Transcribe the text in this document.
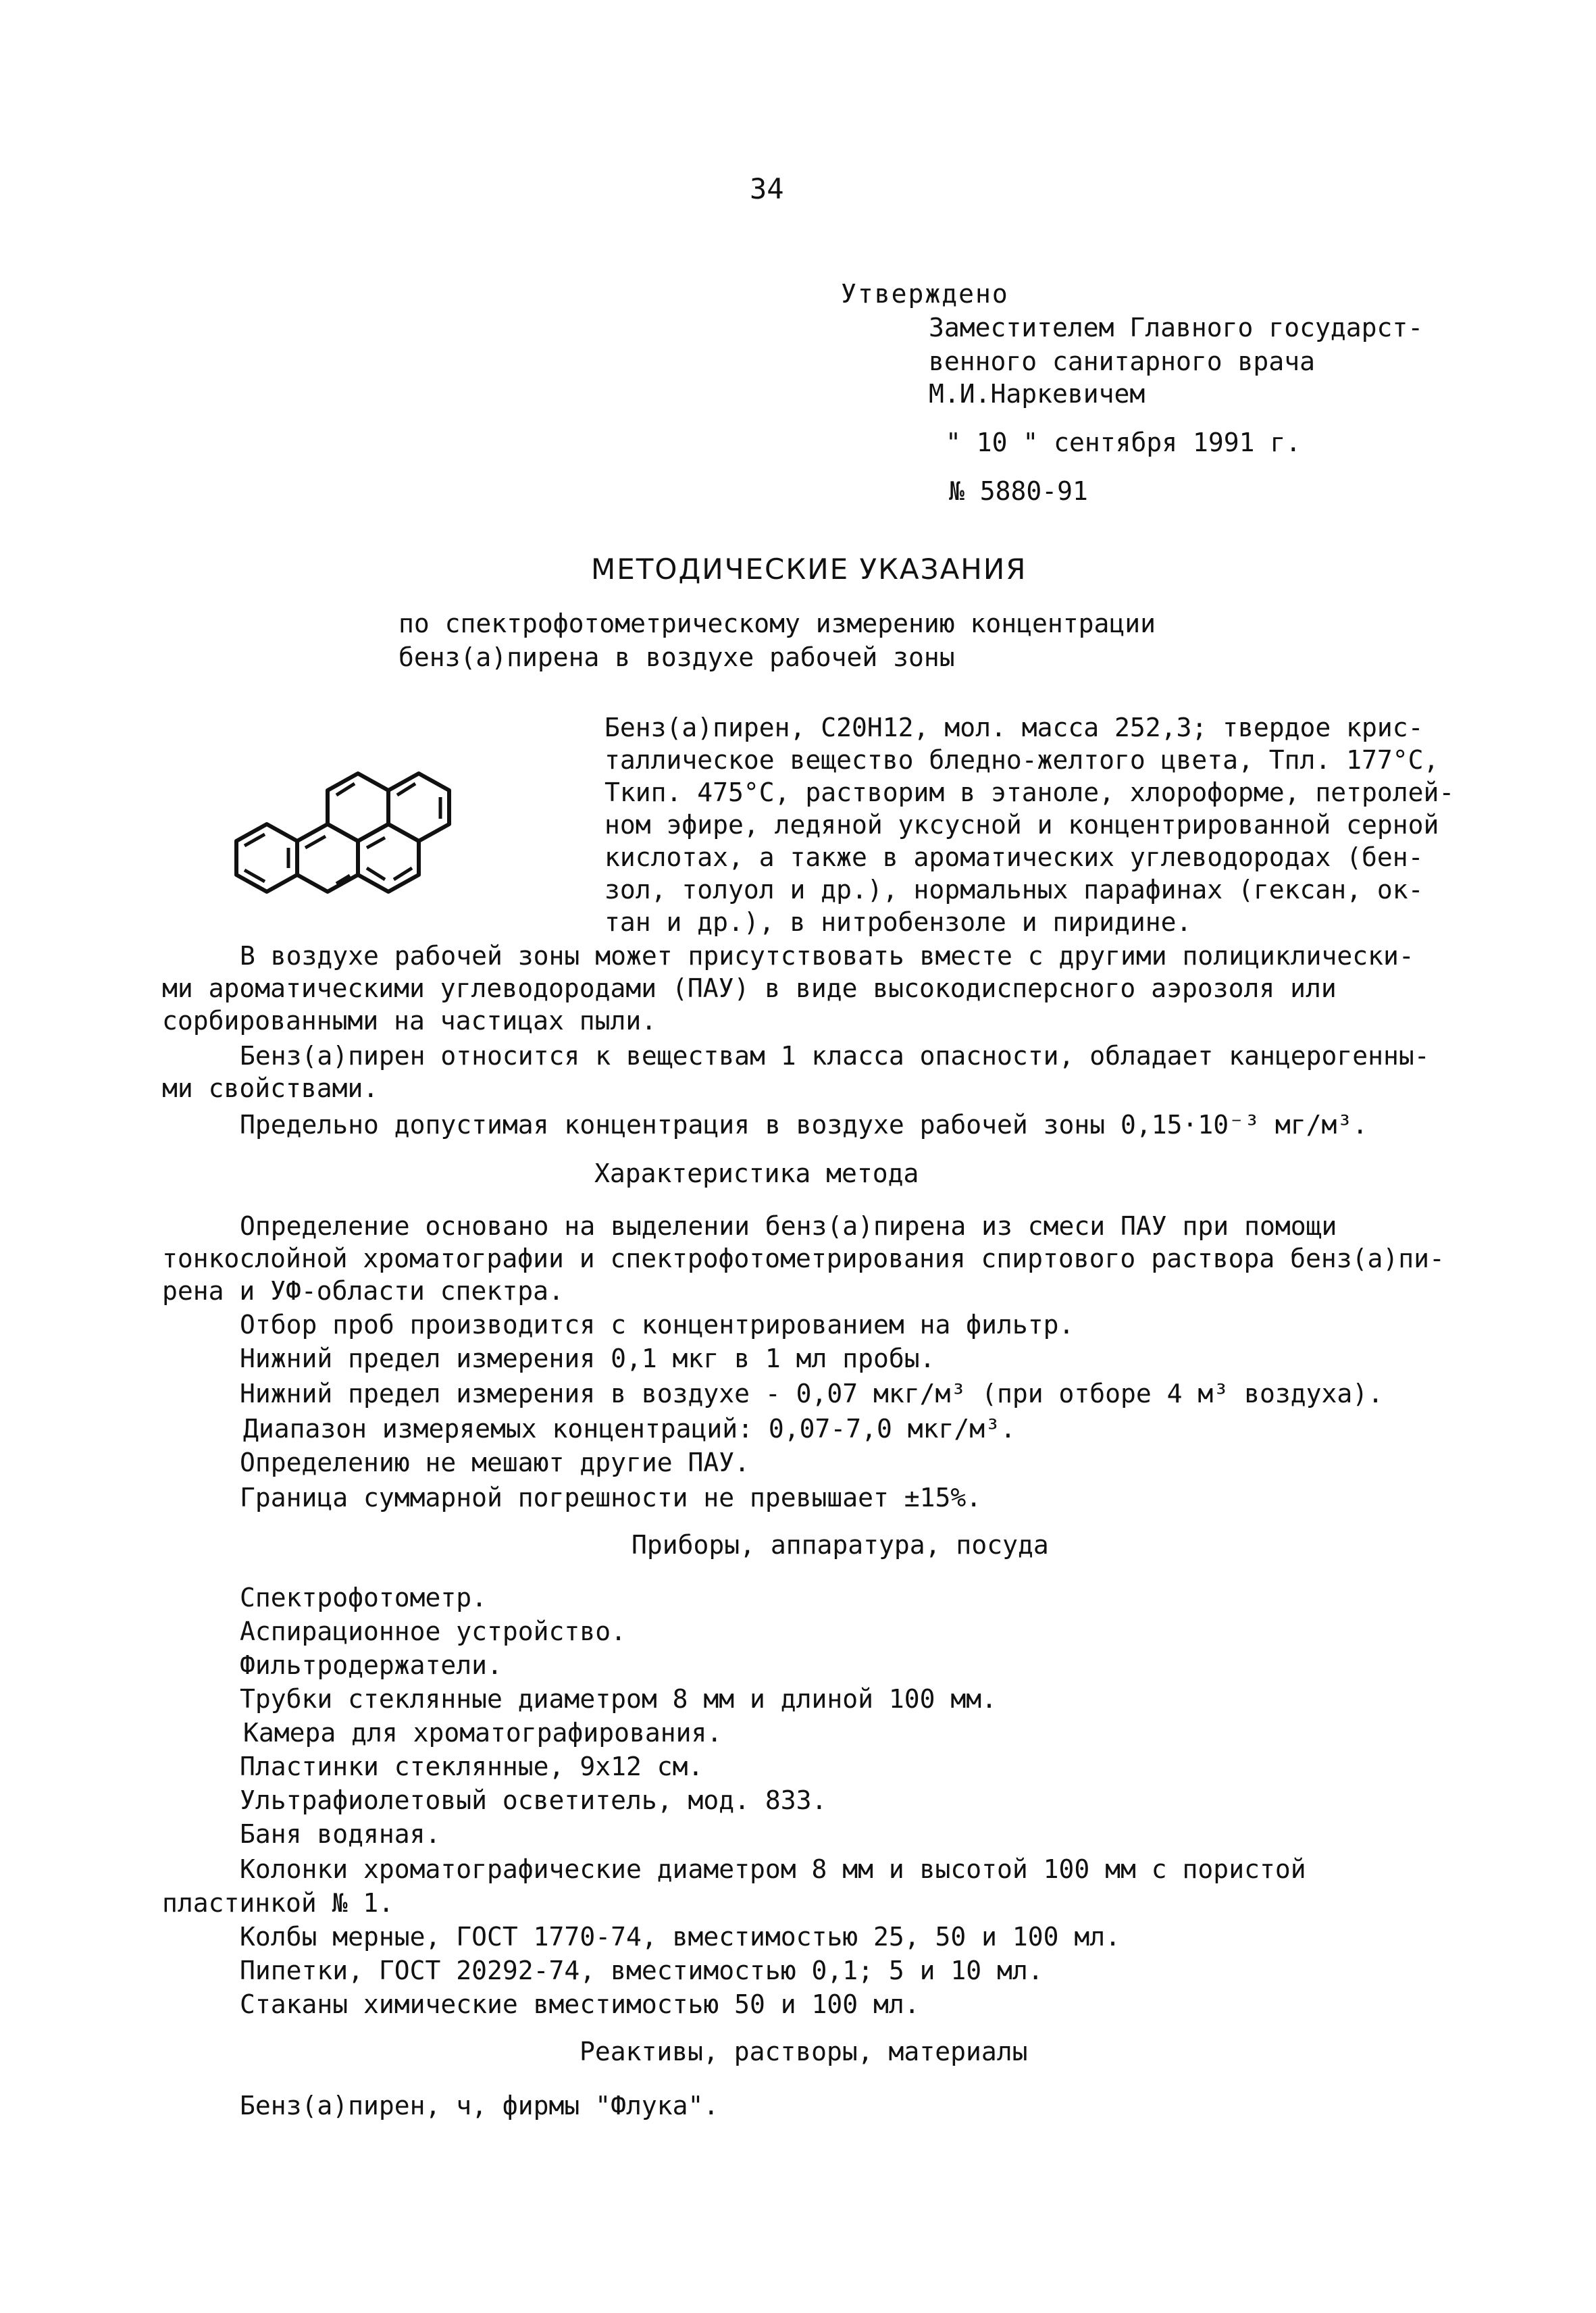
34
Утверждено
Заместителем Главного государст-
венного санитарного врача
М.И.Наркевичем
" 10 " сентября 1991 г.
№ 5880-91
МЕТОДИЧЕСКИЕ УКАЗАНИЯ
по спектрофотометрическому измерению концентрации
бенз(а)пирена в воздухе рабочей зоны
Бенз(а)пирен, C20H12, мол. масса 252,3; твердое крис-
таллическое вещество бледно-желтого цвета, Тпл. 177°С,
Ткип. 475°С, растворим в этаноле, хлороформе, петролей-
ном эфире, ледяной уксусной и концентрированной серной
кислотах, а также в ароматических углеводородах (бен-
зол, толуол и др.), нормальных парафинах (гексан, ок-
тан и др.), в нитробензоле и пиридине.
В воздухе рабочей зоны может присутствовать вместе с другими полициклически-
ми ароматическими углеводородами (ПАУ) в виде высокодисперсного аэрозоля или
сорбированными на частицах пыли.
Бенз(а)пирен относится к веществам 1 класса опасности, обладает канцерогенны-
ми свойствами.
Предельно допустимая концентрация в воздухе рабочей зоны 0,15·10⁻³ мг/м³.
Характеристика метода
Определение основано на выделении бенз(а)пирена из смеси ПАУ при помощи
тонкослойной хроматографии и спектрофотометрирования спиртового раствора бенз(а)пи-
рена и УФ-области спектра.
Отбор проб производится с концентрированием на фильтр.
Нижний предел измерения 0,1 мкг в 1 мл пробы.
Нижний предел измерения в воздухе - 0,07 мкг/м³ (при отборе 4 м³ воздуха).
Диапазон измеряемых концентраций: 0,07-7,0 мкг/м³.
Определению не мешают другие ПАУ.
Граница суммарной погрешности не превышает ±15%.
Приборы, аппаратура, посуда
Спектрофотометр.
Аспирационное устройство.
Фильтродержатели.
Трубки стеклянные диаметром 8 мм и длиной 100 мм.
Камера для хроматографирования.
Пластинки стеклянные, 9х12 см.
Ультрафиолетовый осветитель, мод. 833.
Баня водяная.
Колонки хроматографические диаметром 8 мм и высотой 100 мм с пористой
пластинкой № 1.
Колбы мерные, ГОСТ 1770-74, вместимостью 25, 50 и 100 мл.
Пипетки, ГОСТ 20292-74, вместимостью 0,1; 5 и 10 мл.
Стаканы химические вместимостью 50 и 100 мл.
Реактивы, растворы, материалы
Бенз(а)пирен, ч, фирмы "Флука".
